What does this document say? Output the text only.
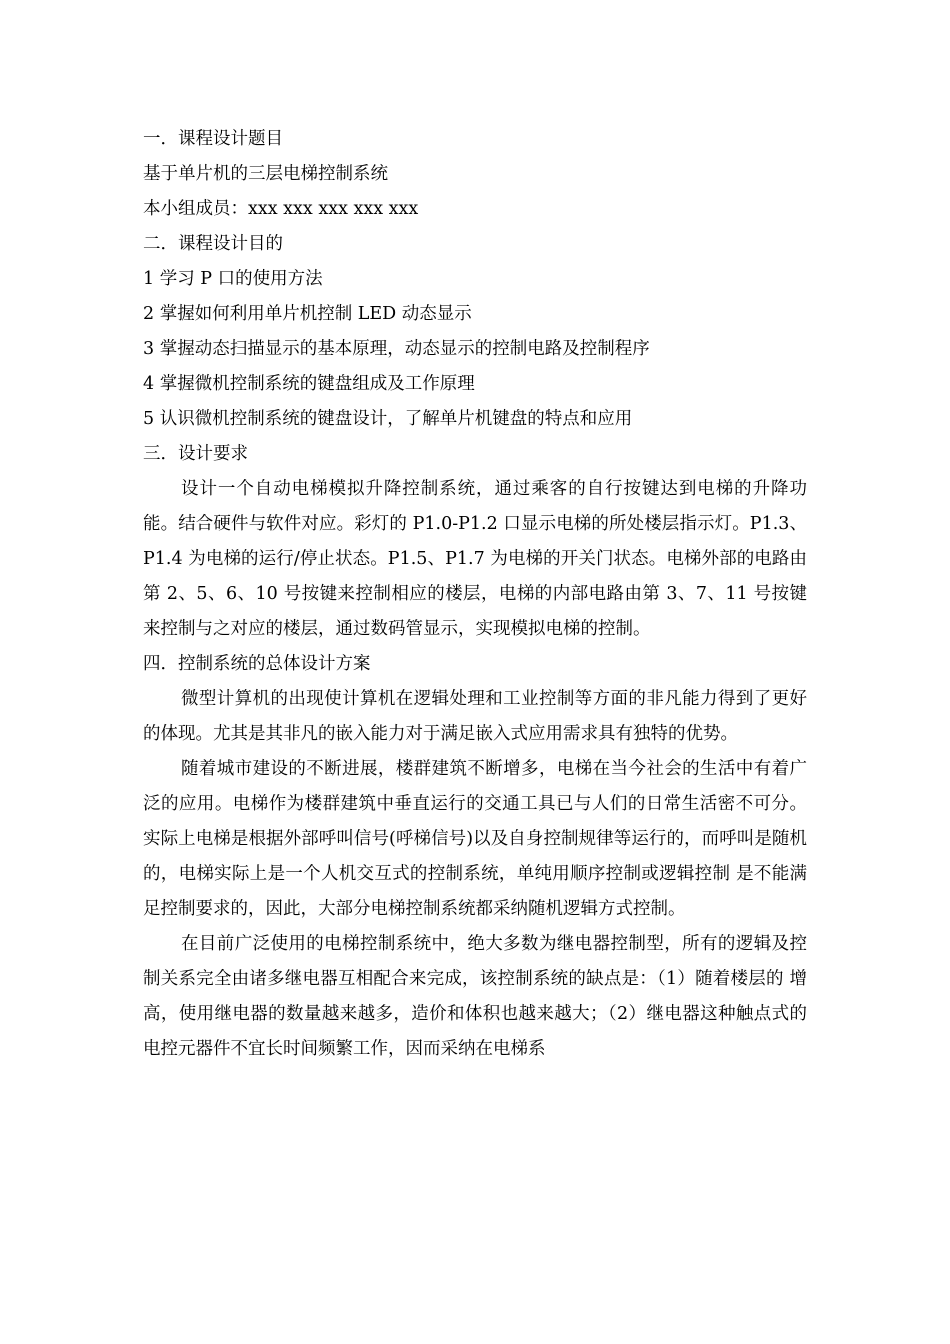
一．课程设计题目
基于单片机的三层电梯控制系统
本小组成员：xxx xxx xxx xxx xxx
二．课程设计目的
1 学习 P 口的使用方法
2 掌握如何利用单片机控制 LED 动态显示
3 掌握动态扫描显示的基本原理，动态显示的控制电路及控制程序
4 掌握微机控制系统的键盘组成及工作原理
5 认识微机控制系统的键盘设计，了解单片机键盘的特点和应用
三．设计要求

设计一个自动电梯模拟升降控制系统，通过乘客的自行按键达到电梯的升降功能。结合硬件与软件对应。彩灯的 P1.0-P1.2 口显示电梯的所处楼层指示灯。P1.3、P1.4 为电梯的运行/停止状态。P1.5、P1.7 为电梯的开关门状态。电梯外部的电路由第 2、5、6、10 号按键来控制相应的楼层，电梯的内部电路由第 3、7、11 号按键来控制与之对应的楼层，通过数码管显示，实现模拟电梯的控制。

四．控制系统的总体设计方案

微型计算机的出现使计算机在逻辑处理和工业控制等方面的非凡能力得到了更好的体现。尤其是其非凡的嵌入能力对于满足嵌入式应用需求具有独特的优势。

随着城市建设的不断进展，楼群建筑不断增多，电梯在当今社会的生活中有着广泛的应用。电梯作为楼群建筑中垂直运行的交通工具已与人们的日常生活密不可分。 实际上电梯是根据外部呼叫信号(呼梯信号)以及自身控制规律等运行的，而呼叫是随机的，电梯实际上是一个人机交互式的控制系统，单纯用顺序控制或逻辑控制 是不能满足控制要求的，因此，大部分电梯控制系统都采纳随机逻辑方式控制。

在目前广泛使用的电梯控制系统中，绝大多数为继电器控制型，所有的逻辑及控制关系完全由诸多继电器互相配合来完成，该控制系统的缺点是：（1）随着楼层的 增高，使用继电器的数量越来越多，造价和体积也越来越大；（2）继电器这种触点式的电控元器件不宜长时间频繁工作，因而采纳在电梯系
